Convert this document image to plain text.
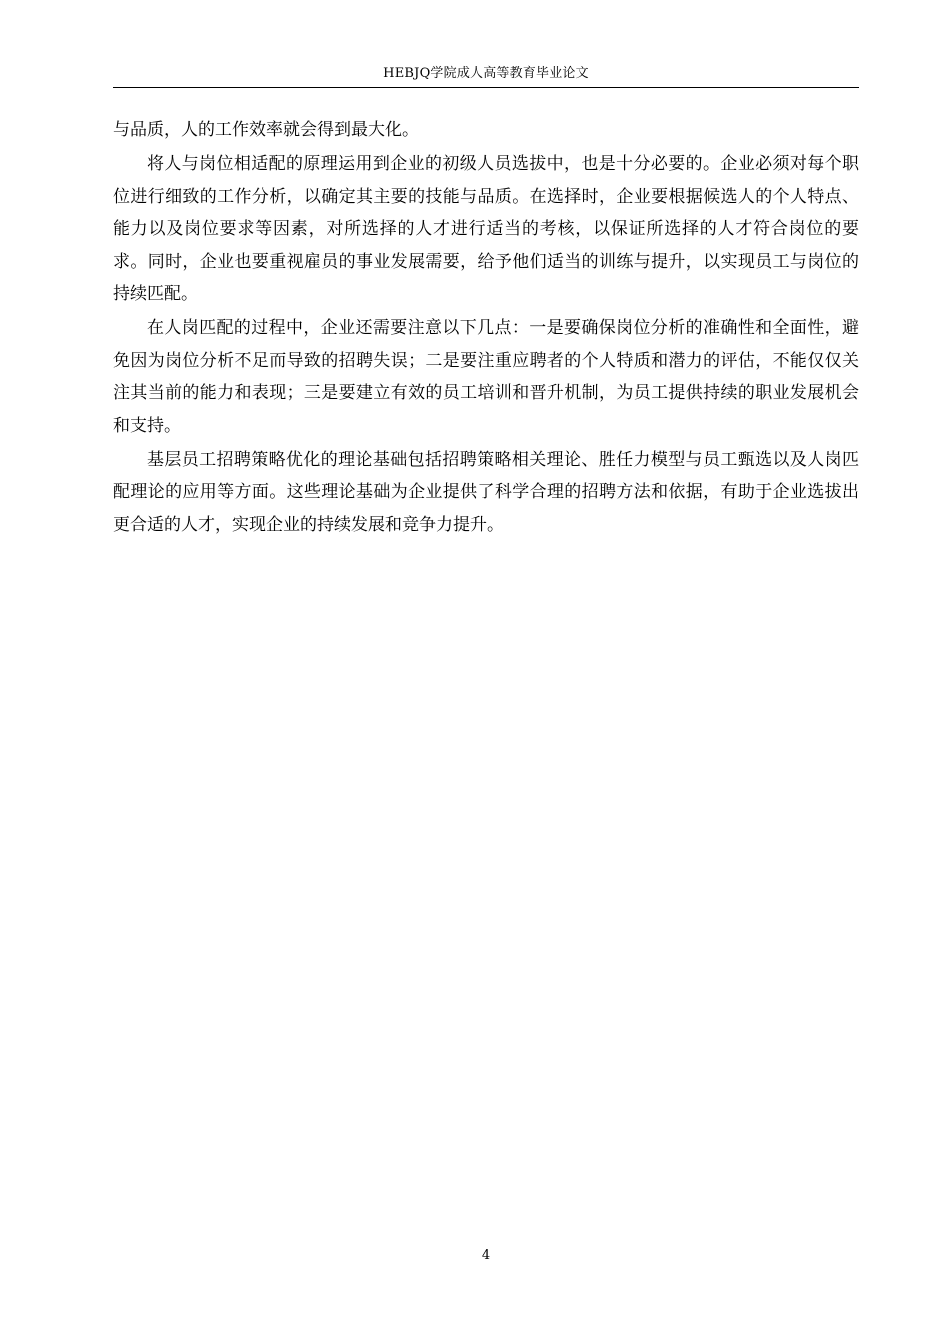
HEBJQ学院成人高等教育毕业论文

与品质，人的工作效率就会得到最大化。

将人与岗位相适配的原理运用到企业的初级人员选拔中，也是十分必要的。企业必须对每个职位进行细致的工作分析，以确定其主要的技能与品质。在选择时，企业要根据候选人的个人特点、能力以及岗位要求等因素，对所选择的人才进行适当的考核，以保证所选择的人才符合岗位的要求。同时，企业也要重视雇员的事业发展需要，给予他们适当的训练与提升，以实现员工与岗位的持续匹配。

在人岗匹配的过程中，企业还需要注意以下几点：一是要确保岗位分析的准确性和全面性，避免因为岗位分析不足而导致的招聘失误；二是要注重应聘者的个人特质和潜力的评估，不能仅仅关注其当前的能力和表现；三是要建立有效的员工培训和晋升机制，为员工提供持续的职业发展机会和支持。

基层员工招聘策略优化的理论基础包括招聘策略相关理论、胜任力模型与员工甄选以及人岗匹配理论的应用等方面。这些理论基础为企业提供了科学合理的招聘方法和依据，有助于企业选拔出更合适的人才，实现企业的持续发展和竞争力提升。

4
